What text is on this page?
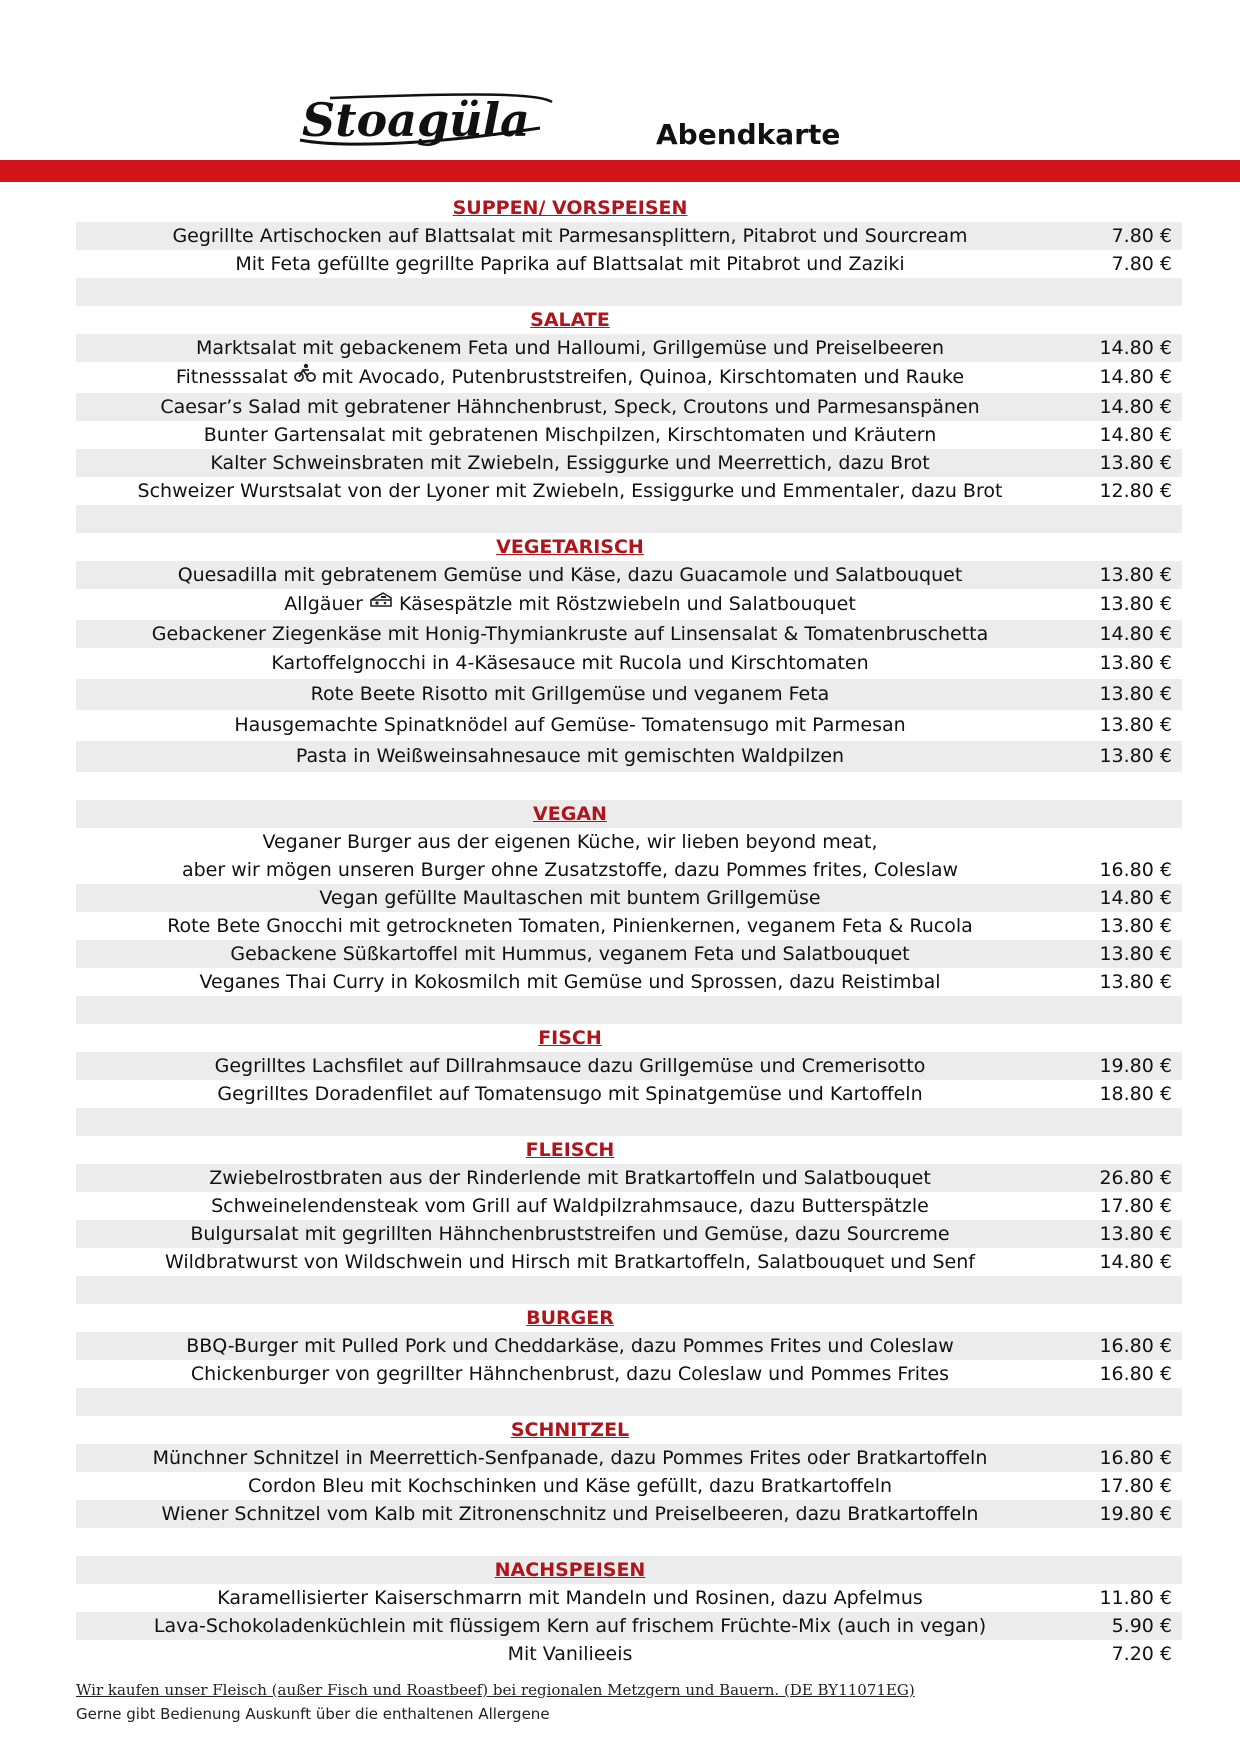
Stoagüla	Abendkarte
SUPPEN/ VORSPEISEN
Gegrillte Artischocken auf Blattsalat mit Parmesansplittern, Pitabrot und Sourcream	7.80 €
Mit Feta gefüllte gegrillte Paprika auf Blattsalat mit Pitabrot und Zaziki	7.80 €
SALATE
Marktsalat mit gebackenem Feta und Halloumi, Grillgemüse und Preiselbeeren	14.80 €
Fitnesssalat mit Avocado, Putenbruststreifen, Quinoa, Kirschtomaten und Rauke	14.80 €
Caesar’s Salad mit gebratener Hähnchenbrust, Speck, Croutons und Parmesanspänen	14.80 €
Bunter Gartensalat mit gebratenen Mischpilzen, Kirschtomaten und Kräutern	14.80 €
Kalter Schweinsbraten mit Zwiebeln, Essiggurke und Meerrettich, dazu Brot	13.80 €
Schweizer Wurstsalat von der Lyoner mit Zwiebeln, Essiggurke und Emmentaler, dazu Brot	12.80 €
VEGETARISCH
Quesadilla mit gebratenem Gemüse und Käse, dazu Guacamole und Salatbouquet	13.80 €
Allgäuer Käsespätzle mit Röstzwiebeln und Salatbouquet	13.80 €
Gebackener Ziegenkäse mit Honig-Thymiankruste auf Linsensalat & Tomatenbruschetta	14.80 €
Kartoffelgnocchi in 4-Käsesauce mit Rucola und Kirschtomaten	13.80 €
Rote Beete Risotto mit Grillgemüse und veganem Feta	13.80 €
Hausgemachte Spinatknödel auf Gemüse- Tomatensugo mit Parmesan	13.80 €
Pasta in Weißweinsahnesauce mit gemischten Waldpilzen	13.80 €
VEGAN
Veganer Burger aus der eigenen Küche, wir lieben beyond meat,
aber wir mögen unseren Burger ohne Zusatzstoffe, dazu Pommes frites, Coleslaw	16.80 €
Vegan gefüllte Maultaschen mit buntem Grillgemüse	14.80 €
Rote Bete Gnocchi mit getrockneten Tomaten, Pinienkernen, veganem Feta & Rucola	13.80 €
Gebackene Süßkartoffel mit Hummus, veganem Feta und Salatbouquet	13.80 €
Veganes Thai Curry in Kokosmilch mit Gemüse und Sprossen, dazu Reistimbal	13.80 €
FISCH
Gegrilltes Lachsfilet auf Dillrahmsauce dazu Grillgemüse und Cremerisotto	19.80 €
Gegrilltes Doradenfilet auf Tomatensugo mit Spinatgemüse und Kartoffeln	18.80 €
FLEISCH
Zwiebelrostbraten aus der Rinderlende mit Bratkartoffeln und Salatbouquet	26.80 €
Schweinelendensteak vom Grill auf Waldpilzrahmsauce, dazu Butterspätzle	17.80 €
Bulgursalat mit gegrillten Hähnchenbruststreifen und Gemüse, dazu Sourcreme	13.80 €
Wildbratwurst von Wildschwein und Hirsch mit Bratkartoffeln, Salatbouquet und Senf	14.80 €
BURGER
BBQ-Burger mit Pulled Pork und Cheddarkäse, dazu Pommes Frites und Coleslaw	16.80 €
Chickenburger von gegrillter Hähnchenbrust, dazu Coleslaw und Pommes Frites	16.80 €
SCHNITZEL
Münchner Schnitzel in Meerrettich-Senfpanade, dazu Pommes Frites oder Bratkartoffeln	16.80 €
Cordon Bleu mit Kochschinken und Käse gefüllt, dazu Bratkartoffeln	17.80 €
Wiener Schnitzel vom Kalb mit Zitronenschnitz und Preiselbeeren, dazu Bratkartoffeln	19.80 €
NACHSPEISEN
Karamellisierter Kaiserschmarrn mit Mandeln und Rosinen, dazu Apfelmus	11.80 €
Lava-Schokoladenküchlein mit flüssigem Kern auf frischem Früchte-Mix (auch in vegan)	5.90 €
Mit Vanilieeis	7.20 €
Wir kaufen unser Fleisch (außer Fisch und Roastbeef) bei regionalen Metzgern und Bauern. (DE BY11071EG)
Gerne gibt Bedienung Auskunft über die enthaltenen Allergene
